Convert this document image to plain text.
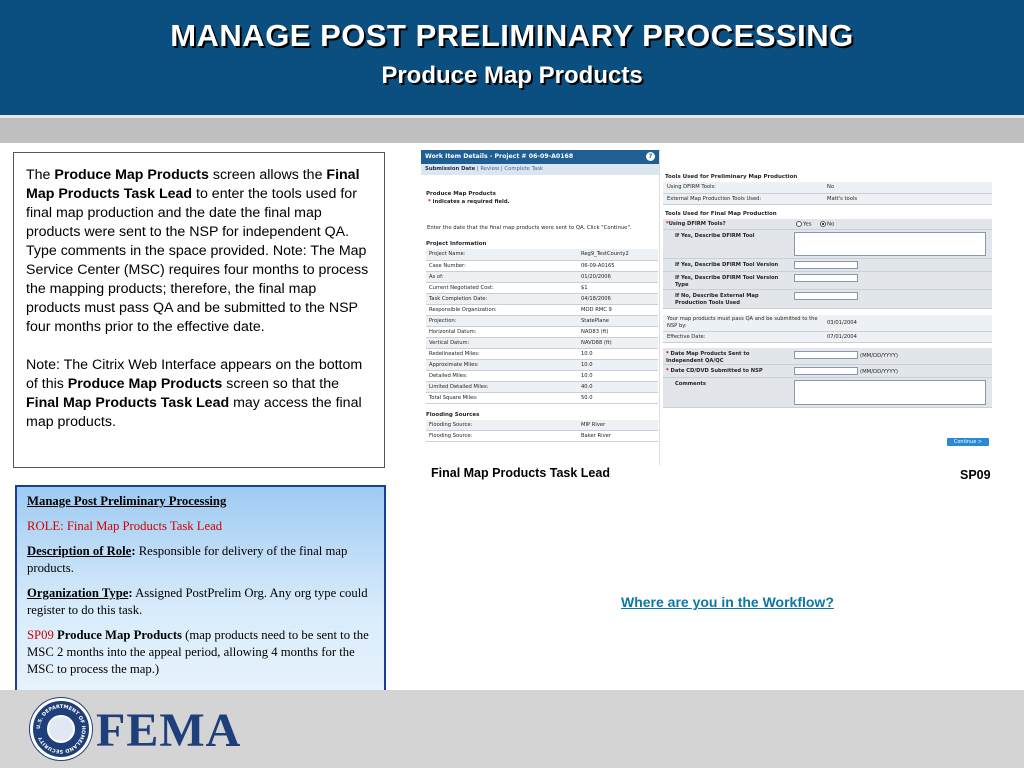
MANAGE POST PRELIMINARY PROCESSING
Produce Map Products

The Produce Map Products screen allows the Final Map Products Task Lead to enter the tools used for final map production and the date the final map products were sent to the NSP for independent QA. Type comments in the space provided. Note: The Map Service Center (MSC) requires four months to process the mapping products; therefore, the final map products must pass QA and be submitted to the NSP four months prior to the effective date.

Note: The Citrix Web Interface appears on the bottom of this Produce Map Products screen so that the Final Map Products Task Lead may access the final map products.

Manage Post Preliminary Processing

ROLE: Final Map Products Task Lead

Description of Role: Responsible for delivery of the final map products.

Organization Type: Assigned PostPrelim Org. Any org type could register to do this task.

SP09 Produce Map Products (map products need to be sent to the MSC 2 months into the appeal period, allowing 4 months for the MSC to process the map.)

Work Item Details - Project # 06-09-A0168	?
Submission Date | Review | Complete Task
Produce Map Products
* indicates a required field.
Enter the date that the final map products were sent to QA. Click "Continue".
Project Information
Project Name:	Reg9_TestCounty2
Case Number:	06-09-A0165
As of:	01/20/2006
Current Negotiated Cost:	$1
Task Completion Date:	04/18/2006
Responsible Organization:	MOD RMC 9
Projection:	StatePlane
Horizontal Datum:	NAD83 (ft)
Vertical Datum:	NAVD88 (ft)
Redelineated Miles:	10.0
Approximate Miles:	10.0
Detailed Miles:	10.0
Limited Detailed Miles:	40.0
Total Square Miles:	50.0
Flooding Sources
Flooding Source:	MIP River
Flooding Source:	Baker River
Tools Used for Preliminary Map Production
Using DFIRM Tools:	No
External Map Production Tools Used:	Matt's tools
Tools Used for Final Map Production
*Using DFIRM Tools?	Yes	No
If Yes, Describe DFIRM Tool
If Yes, Describe DFIRM Tool Version
If Yes, Describe DFIRM Tool Version Type
If No, Describe External Map Production Tools Used
Your map products must pass QA and be submitted to the NSP by:	03/01/2004
Effective Date:	07/01/2004
* Date Map Products Sent to Independent QA/QC
(MM/DD/YYYY)
* Date CD/DVD Submitted to NSP	(MM/DD/YYYY)
Comments
Continue >
Final Map Products Task Lead	SP09
Where are you in the Workflow?
U.S. DEPARTMENT OF HOMELAND SECURITY	FEMA
